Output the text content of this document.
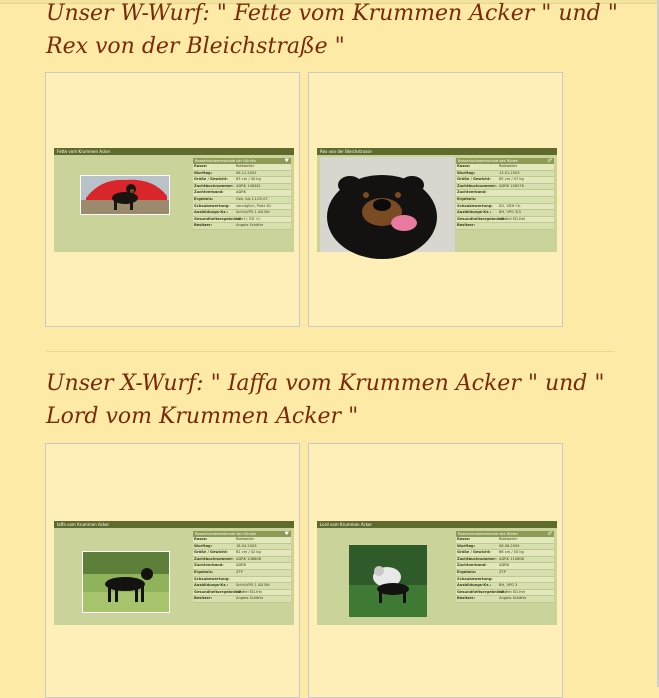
Unser W-Wurf: " Fette vom Krummen Acker " und " Rex von der Bleichstraße "
Fette vom Krummen Acker
Rassehundemerkmale der Hündin	♥
Rasse:	Rottweiler
Wurftag:	06.11.2002
Größe / Gewicht:	63 cm / 40 kg
Zuchtbuchnummer: ADRK 106461
Zuchtverband:	ADRK
Ergebnis:	Gek. bis 11.05.07
Schaubewertung:	vorzüglich, Platz 61
Ausbildungs-Kz.:	Schh/VPG 1 AD BH
Gesundheitsergebnisse:
HD +/- ED +/-
Besitzer:	Angela Schäfer
Rex von der Bleichstrasse
Rassehundemerkmale des Rüden	♂
Rasse:	Rottweiler
Wurftag:	13.01.2003
Größe / Gewicht:	65 cm / 47 kg
Zuchtbuchnummer: ADRK 106576
Zuchtverband:
Ergebnis:
Schaubewertung:	SG, VDH Ch.
Ausbildungs-Kz.:	BH, VPG 3/3
Gesundheitsergebnisse:
HD-frei ED-frei
Besitzer:
Unser X-Wurf: " Iaffa vom Krummen Acker " und " Lord vom Krummen Acker "
Iaffa vom Krummen Acker
Rassehundemerkmale der Hündin	♥
Rasse:	Rottweiler
Wurftag:	18.04.2003
Größe / Gewicht:	61 cm / 42 kg
Zuchtbuchnummer: ADRK 108808
Zuchtverband:	ADRK
Ergebnis:	ZTP
Schaubewertung:
Ausbildungs-Kz.:	Schh/VPG 1 AD BH
Gesundheitsergebnisse:
HD-frei ED-frei
Besitzer:	Angela Schäfer
Lord vom Krummen Acker
Rassehundemerkmale des Rüden	♂
Rasse:	Rottweiler
Wurftag:	08.08.2004
Größe / Gewicht:	66 cm / 50 kg
Zuchtbuchnummer: ADRK 110806
Zuchtverband:	ADRK
Ergebnis:	ZTP
Schaubewertung:
Ausbildungs-Kz.:	BH, VPG 3
Gesundheitsergebnisse:
HD-frei ED-frei
Besitzer:	Angela Schäfer
